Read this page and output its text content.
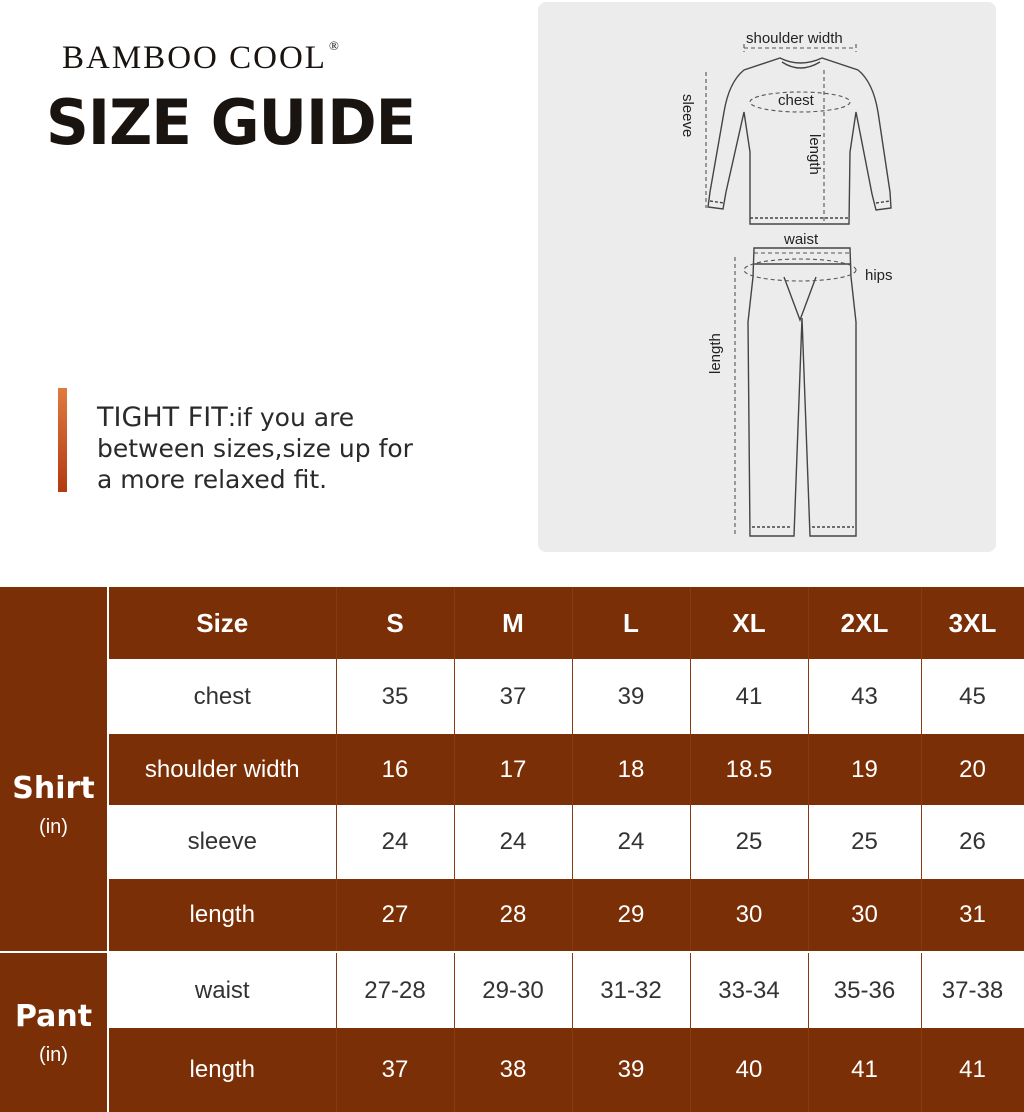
BAMBOO COOL ®
SIZE GUIDE
TIGHT FIT:if you are between sizes,size up for a more relaxed fit.
shoulder width
chest
sleeve
length
waist
hips
length
	Size	S	M	L	XL	2XL	3XL

Shirt
(in)	chest	35	37	39	41	43	45
	shoulder width	16	17	18	18.5	19	20
	sleeve	24	24	24	25	25	26
	length	27	28	29	30	30	31

Pant
(in)	waist	27-28	29-30	31-32	33-34	35-36	37-38
	length	37	38	39	40	41	41
